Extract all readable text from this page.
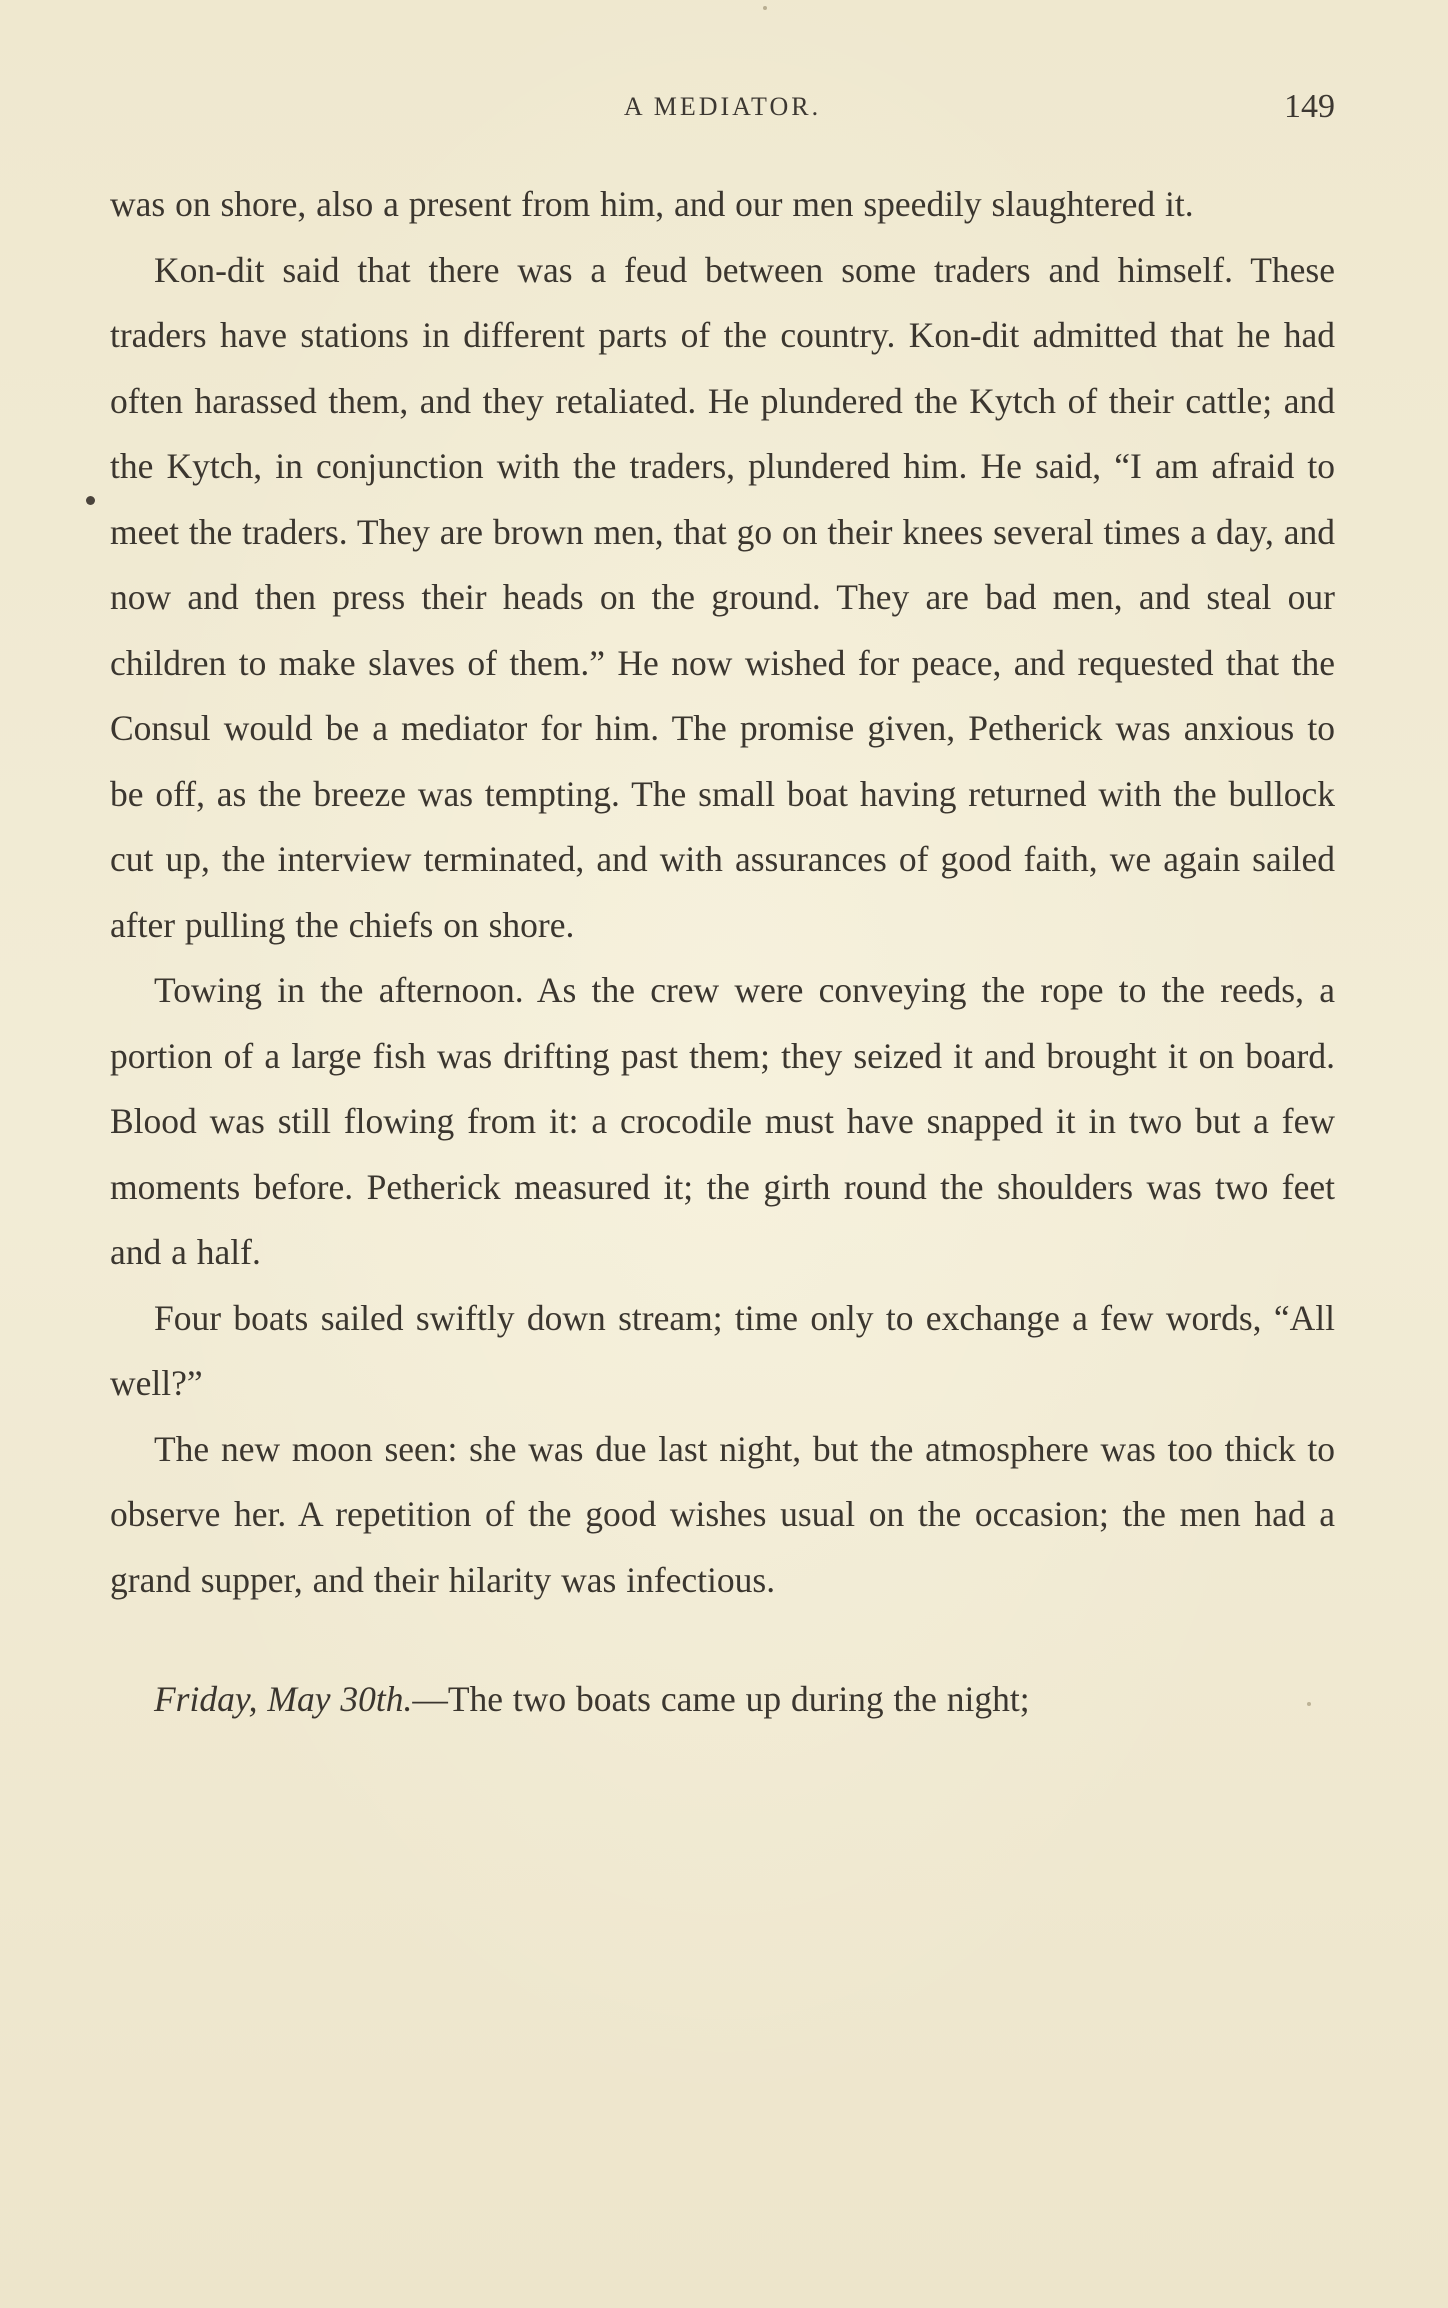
A MEDIATOR.	149

was on shore, also a present from him, and our men speedily slaughtered it.

Kon-dit said that there was a feud between some traders and himself. These traders have stations in different parts of the country. Kon-dit admitted that he had often harassed them, and they retaliated. He plundered the Kytch of their cattle; and the Kytch, in conjunction with the traders, plundered him. He said, “I am afraid to meet the traders. They are brown men, that go on their knees several times a day, and now and then press their heads on the ground. They are bad men, and steal our children to make slaves of them.” He now wished for peace, and requested that the Consul would be a mediator for him. The promise given, Petherick was anxious to be off, as the breeze was tempting. The small boat having returned with the bullock cut up, the interview terminated, and with assurances of good faith, we again sailed after pulling the chiefs on shore.

Towing in the afternoon. As the crew were conveying the rope to the reeds, a portion of a large fish was drifting past them; they seized it and brought it on board. Blood was still flowing from it: a crocodile must have snapped it in two but a few moments before. Petherick measured it; the girth round the shoulders was two feet and a half.

Four boats sailed swiftly down stream; time only to exchange a few words, “All well?”

The new moon seen: she was due last night, but the atmosphere was too thick to observe her. A repetition of the good wishes usual on the occasion; the men had a grand supper, and their hilarity was infectious.

Friday, May 30th.—The two boats came up during the night;
